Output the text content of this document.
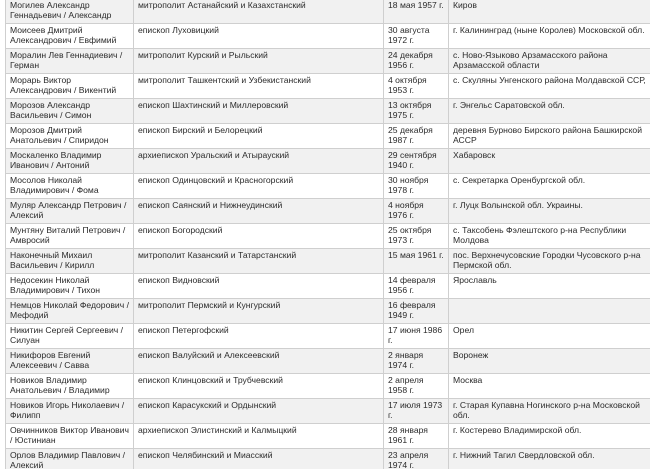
Могилев Александр Геннадьевич / Александр	митрополит Астанайский и Казахстанский	18 мая 1957 г.	Киров

Моисеев Дмитрий Александрович / Евфимий	епископ Луховицкий	30 августа 1972 г.	г. Калининград (ныне Королев) Московской обл.

Моралин Лев Геннадиевич / Герман	митрополит Курский и Рыльский	24 декабря 1956 г.	с. Ново-Языково Арзамасского района Арзамасской области

Морарь Виктор Александрович / Викентий	митрополит Ташкентский и Узбекистанский	4 октября 1953 г.	с. Скуляны Унгенского района Молдавской ССР,

Морозов Александр Васильевич / Симон	епископ Шахтинский и Миллеровский	13 октября 1975 г.	г. Энгельс Саратовской обл.

Морозов Дмитрий Анатольевич / Спиридон	епископ Бирский и Белорецкий	25 декабря 1987 г.	деревня Бурново Бирского района Башкирской АССР

Москаленко Владимир Иванович / Антоний	архиепископ Уральский и Атырауский	29 сентября 1940 г.	Хабаровск

Мосолов Николай Владимирович / Фома	епископ Одинцовский и Красногорский	30 ноября 1978 г.	с. Секретарка Оренбургской обл.

Муляр Александр Петрович / Алексий	епископ Саянский и Нижнеудинский	4 ноября 1976 г.	г. Луцк Волынской обл. Украины.

Мунтяну Виталий Петрович / Амвросий	епископ Богородский	25 октября 1973 г.	с. Таксобень Фэлештского р-на Республики Молдова

Наконечный Михаил Васильевич / Кирилл	митрополит Казанский и Татарстанский	15 мая 1961 г.	пос. Верхнечусовские Городки Чусовского р-на Пермской обл.

Недосекин Николай Владимирович / Тихон	епископ Видновский	14 февраля 1956 г.	Ярославль

Немцов Николай Федорович / Мефодий	митрополит Пермский и Кунгурский	16 февраля 1949 г.	

Никитин Сергей Сергеевич / Силуан	епископ Петергофский	17 июня 1986 г.	Орел

Никифоров Евгений Алексеевич / Савва	епископ Валуйский и Алексеевский	2 января 1974 г.	Воронеж

Новиков Владимир Анатольевич / Владимир	епископ Клинцовский и Трубчевский	2 апреля 1958 г.	Москва

Новиков Игорь Николаевич / Филипп	епископ Карасукский и Ордынский	17 июля 1973 г.	г. Старая Купавна Ногинского р-на Московской обл.

Овчинников Виктор Иванович / Юстиниан	архиепископ Элистинский и Калмыцкий	28 января 1961 г.	г. Костерево Владимирской обл.

Орлов Владимир Павлович / Алексий	епископ Челябинский и Миасский	23 апреля 1974 г.	г. Нижний Тагил Свердловской обл.
